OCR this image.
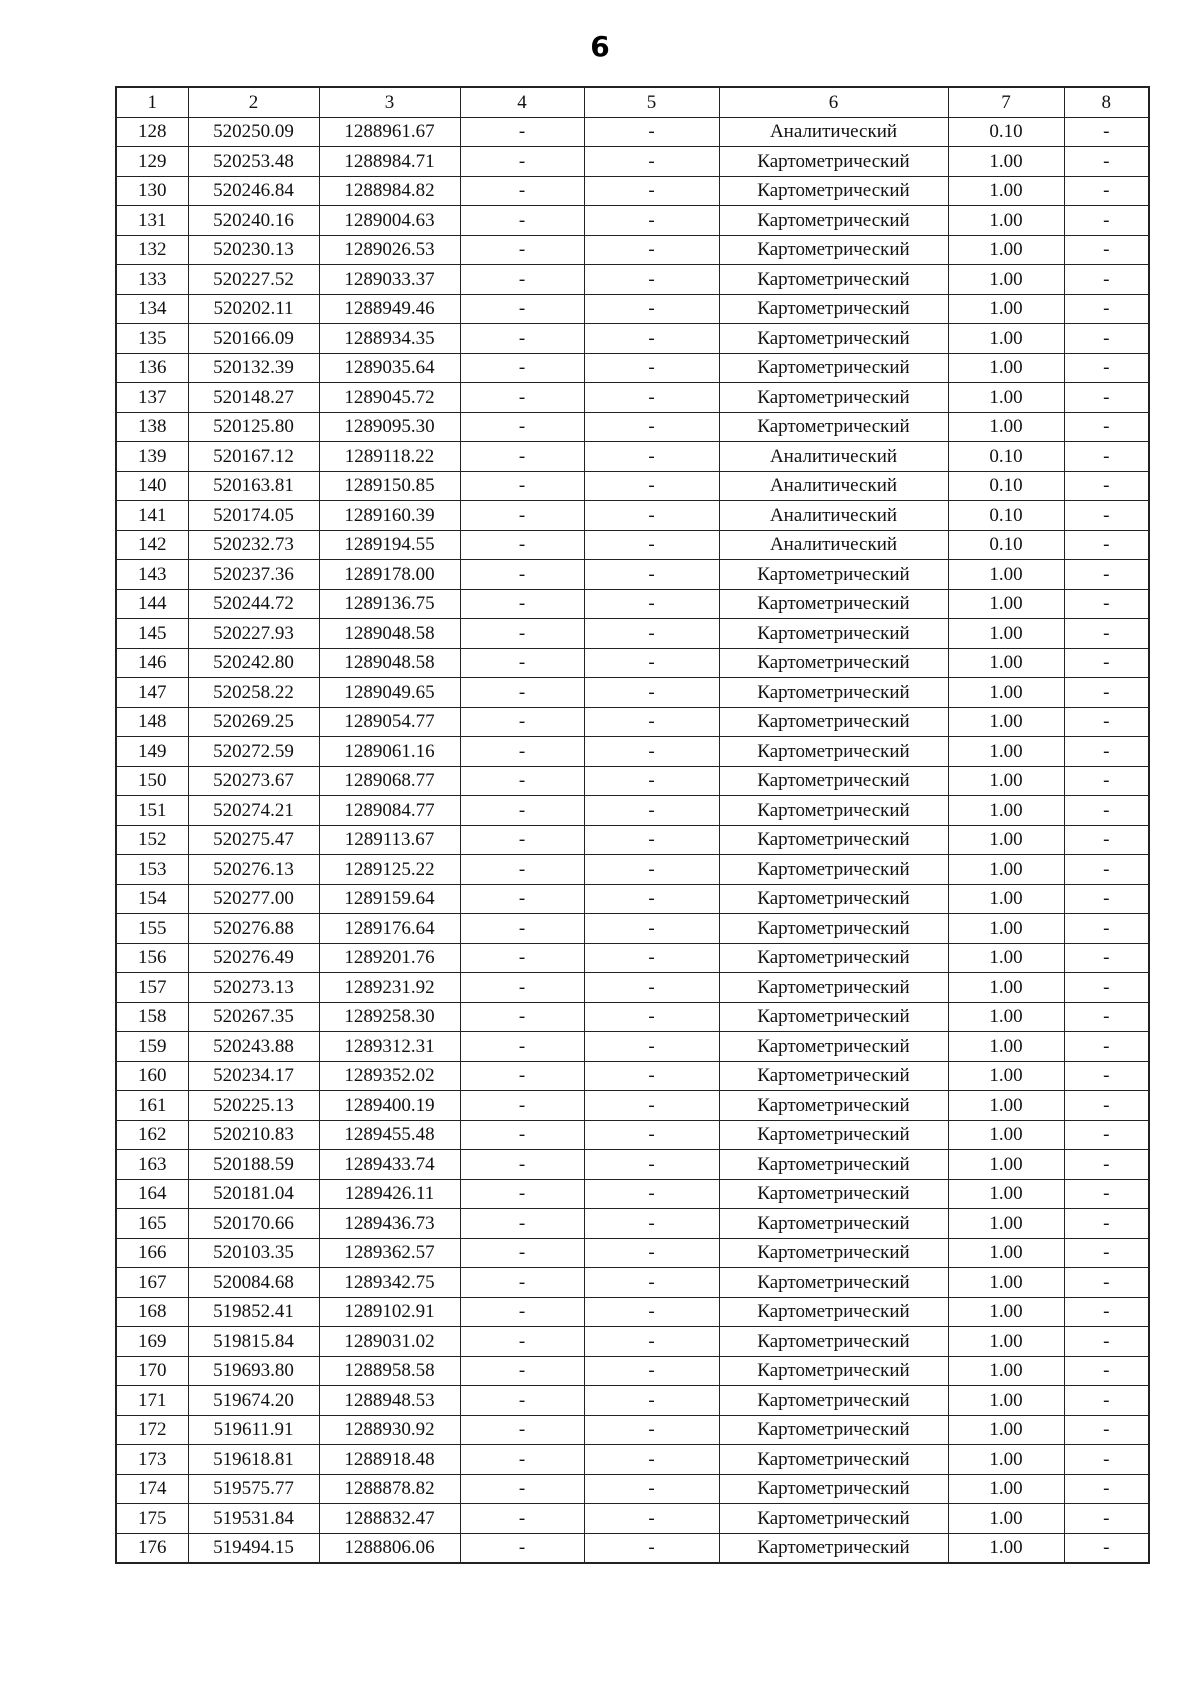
6
1	2	3	4	5	6	7	8
128	520250.09	1288961.67	-	-	Аналитический	0.10	-
129	520253.48	1288984.71	-	-	Картометрический	1.00	-
130	520246.84	1288984.82	-	-	Картометрический	1.00	-
131	520240.16	1289004.63	-	-	Картометрический	1.00	-
132	520230.13	1289026.53	-	-	Картометрический	1.00	-
133	520227.52	1289033.37	-	-	Картометрический	1.00	-
134	520202.11	1288949.46	-	-	Картометрический	1.00	-
135	520166.09	1288934.35	-	-	Картометрический	1.00	-
136	520132.39	1289035.64	-	-	Картометрический	1.00	-
137	520148.27	1289045.72	-	-	Картометрический	1.00	-
138	520125.80	1289095.30	-	-	Картометрический	1.00	-
139	520167.12	1289118.22	-	-	Аналитический	0.10	-
140	520163.81	1289150.85	-	-	Аналитический	0.10	-
141	520174.05	1289160.39	-	-	Аналитический	0.10	-
142	520232.73	1289194.55	-	-	Аналитический	0.10	-
143	520237.36	1289178.00	-	-	Картометрический	1.00	-
144	520244.72	1289136.75	-	-	Картометрический	1.00	-
145	520227.93	1289048.58	-	-	Картометрический	1.00	-
146	520242.80	1289048.58	-	-	Картометрический	1.00	-
147	520258.22	1289049.65	-	-	Картометрический	1.00	-
148	520269.25	1289054.77	-	-	Картометрический	1.00	-
149	520272.59	1289061.16	-	-	Картометрический	1.00	-
150	520273.67	1289068.77	-	-	Картометрический	1.00	-
151	520274.21	1289084.77	-	-	Картометрический	1.00	-
152	520275.47	1289113.67	-	-	Картометрический	1.00	-
153	520276.13	1289125.22	-	-	Картометрический	1.00	-
154	520277.00	1289159.64	-	-	Картометрический	1.00	-
155	520276.88	1289176.64	-	-	Картометрический	1.00	-
156	520276.49	1289201.76	-	-	Картометрический	1.00	-
157	520273.13	1289231.92	-	-	Картометрический	1.00	-
158	520267.35	1289258.30	-	-	Картометрический	1.00	-
159	520243.88	1289312.31	-	-	Картометрический	1.00	-
160	520234.17	1289352.02	-	-	Картометрический	1.00	-
161	520225.13	1289400.19	-	-	Картометрический	1.00	-
162	520210.83	1289455.48	-	-	Картометрический	1.00	-
163	520188.59	1289433.74	-	-	Картометрический	1.00	-
164	520181.04	1289426.11	-	-	Картометрический	1.00	-
165	520170.66	1289436.73	-	-	Картометрический	1.00	-
166	520103.35	1289362.57	-	-	Картометрический	1.00	-
167	520084.68	1289342.75	-	-	Картометрический	1.00	-
168	519852.41	1289102.91	-	-	Картометрический	1.00	-
169	519815.84	1289031.02	-	-	Картометрический	1.00	-
170	519693.80	1288958.58	-	-	Картометрический	1.00	-
171	519674.20	1288948.53	-	-	Картометрический	1.00	-
172	519611.91	1288930.92	-	-	Картометрический	1.00	-
173	519618.81	1288918.48	-	-	Картометрический	1.00	-
174	519575.77	1288878.82	-	-	Картометрический	1.00	-
175	519531.84	1288832.47	-	-	Картометрический	1.00	-
176	519494.15	1288806.06	-	-	Картометрический	1.00	-
